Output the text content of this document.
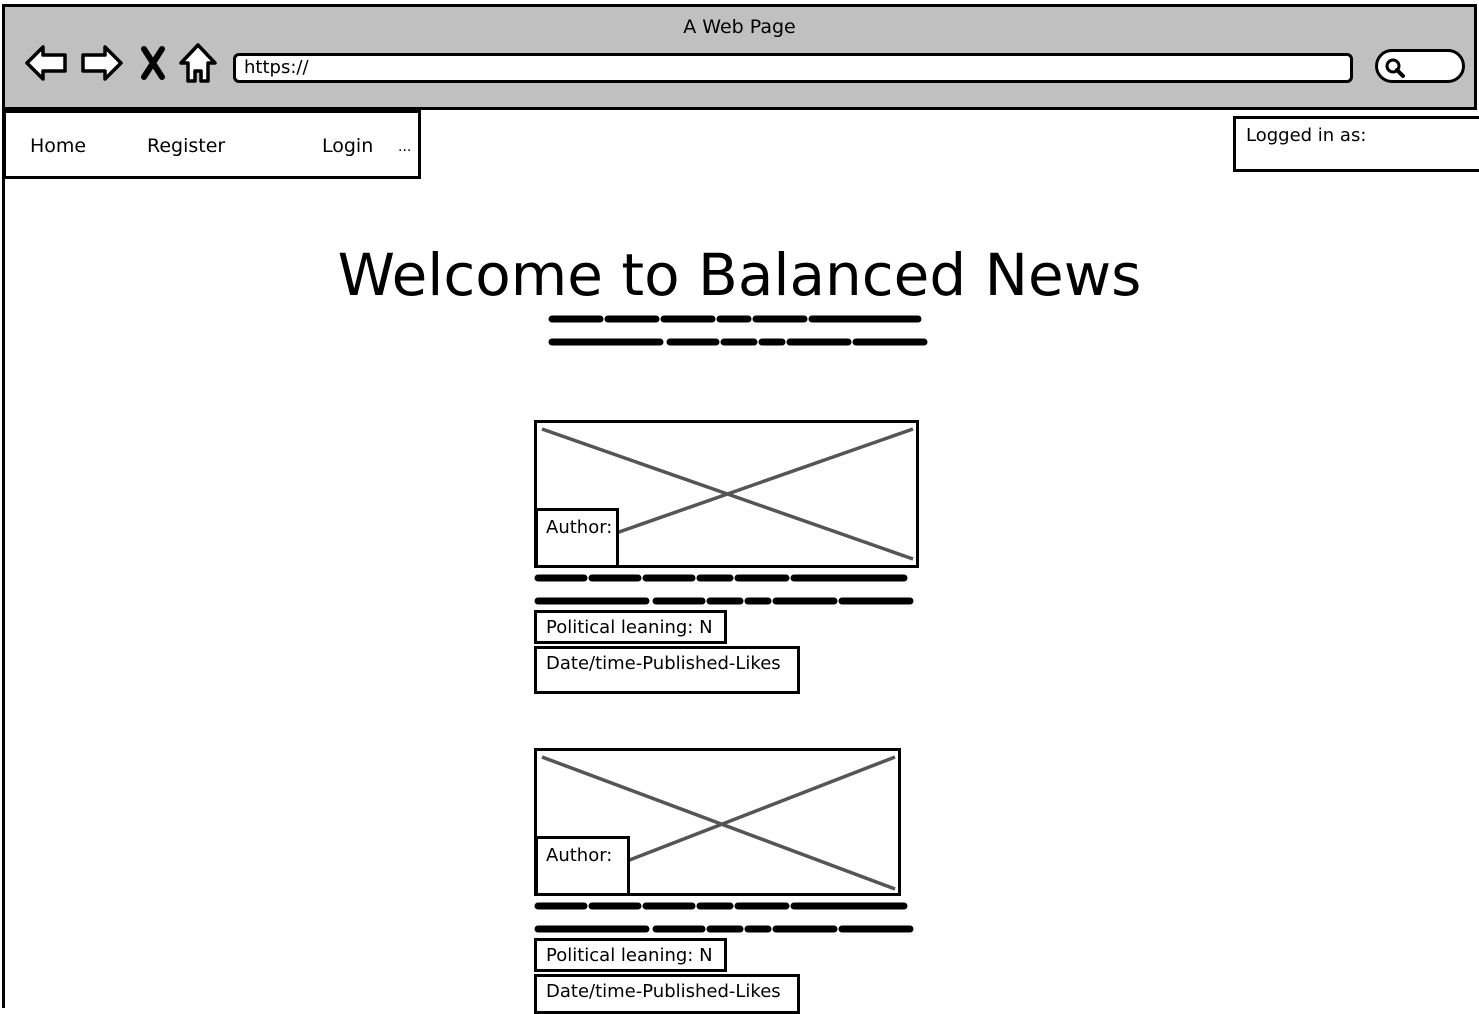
A Web Page
https://
Home	Register	Login ...
Logged in as:
Welcome to Balanced News
Author:
Political leaning: N
Date/time-Published-Likes
Author:
Political leaning: N
Date/time-Published-Likes
